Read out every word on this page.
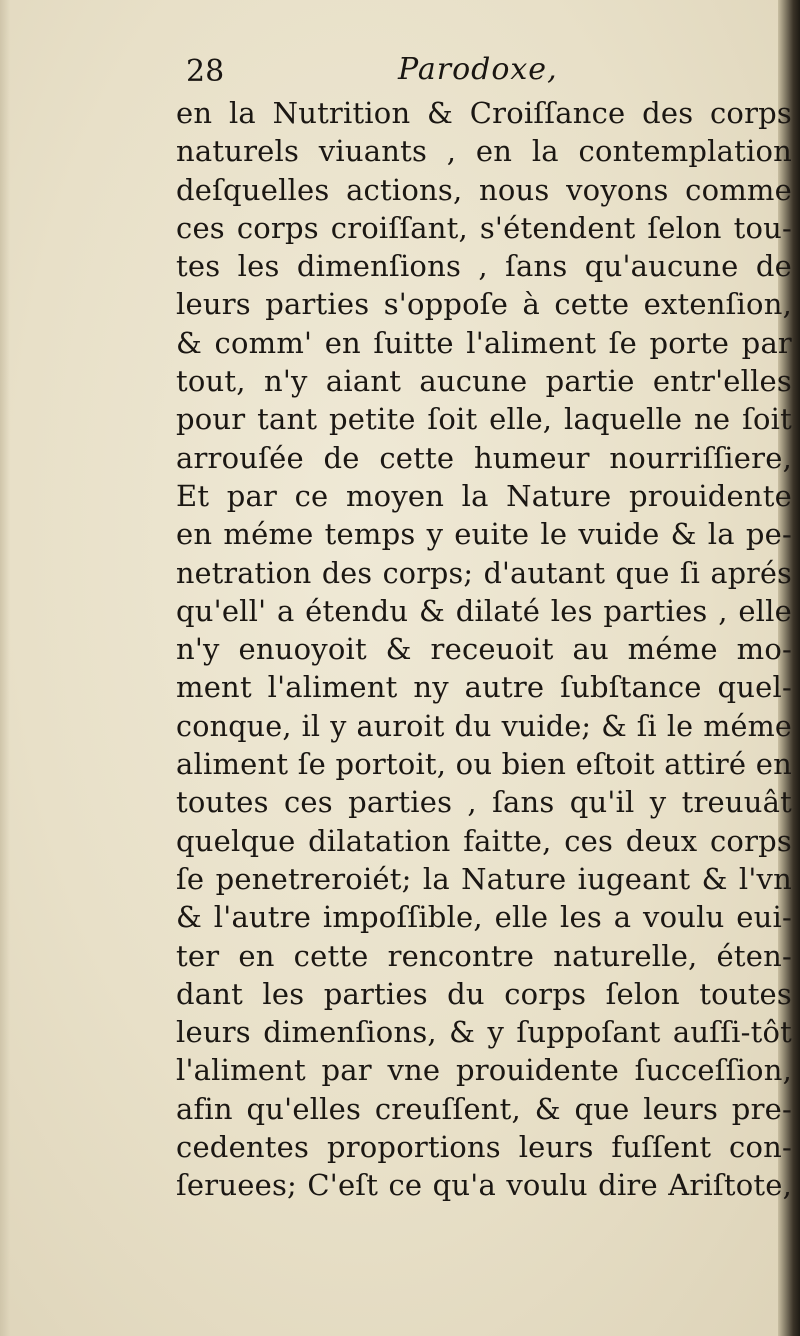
28	Parodoxe,
en la Nutrition & Croiſſance des corps
naturels viuants , en la contemplation
deſquelles actions, nous voyons comme
ces corps croiſſant, s'étendent ſelon tou-
tes les dimenſions , ſans qu'aucune de
leurs parties s'oppoſe à cette extenſion,
& comm' en ſuitte l'aliment ſe porte par
tout, n'y aiant aucune partie entr'elles
pour tant petite ſoit elle, laquelle ne ſoit
arrouſée de cette humeur nourriſſiere,
Et par ce moyen la Nature prouidente
en méme temps y euite le vuide & la pe-
netration des corps; d'autant que ſi aprés
qu'ell' a étendu & dilaté les parties , elle
n'y enuoyoit & receuoit au méme mo-
ment l'aliment ny autre ſubſtance quel-
conque, il y auroit du vuide; & ſi le méme
aliment ſe portoit, ou bien eſtoit attiré en
toutes ces parties , ſans qu'il y treuuât
quelque dilatation faitte, ces deux corps
ſe penetreroiét; la Nature iugeant & l'vn
& l'autre impoſſible, elle les a voulu eui-
ter en cette rencontre naturelle, éten-
dant les parties du corps ſelon toutes
leurs dimenſions, & y ſuppoſant auſſi-tôt
l'aliment par vne prouidente ſucceſſion,
afin qu'elles creuſſent, & que leurs pre-
cedentes proportions leurs fuſſent con-
ſeruees; C'eſt ce qu'a voulu dire Ariſtote,
